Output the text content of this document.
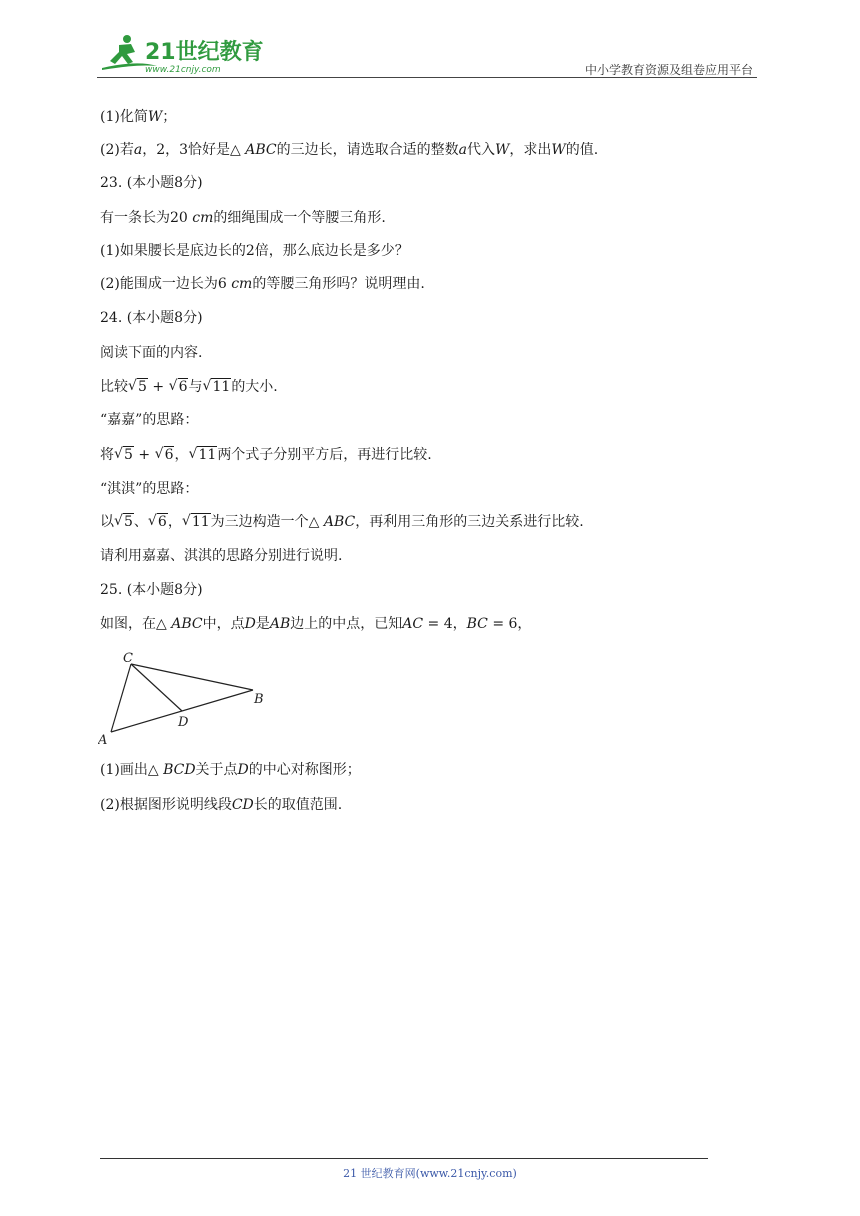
21世纪教育
www.21cnjy.com	中小学教育资源及组卷应用平台
(1)化简W；
(2)若a，2，3恰好是△ ABC的三边长，请选取合适的整数a代入W，求出W的值.
23. (本小题8分)
有一条长为20 cm的细绳围成一个等腰三角形.
(1)如果腰长是底边长的2倍，那么底边长是多少？
(2)能围成一边长为6 cm的等腰三角形吗？说明理由.
24. (本小题8分)
阅读下面的内容.
比较 √ 5 + √ 6与 √ 11的大小.
“嘉嘉”的思路：
将 √ 5 + √ 6， √ 11两个式子分别平方后，再进行比较.
“淇淇”的思路：
以 √ 5、 √ 6， √ 11为三边构造一个△ ABC，再利用三角形的三边关系进行比较.
请利用嘉嘉、淇淇的思路分别进行说明.
25. (本小题8分)
如图，在△ ABC中，点D是AB边上的中点，已知AC = 4，BC = 6，
C
B
A
D
(1)画出△ BCD关于点D的中心对称图形；
(2)根据图形说明线段CD长的取值范围.
21 世纪教育网(www.21cnjy.com)
